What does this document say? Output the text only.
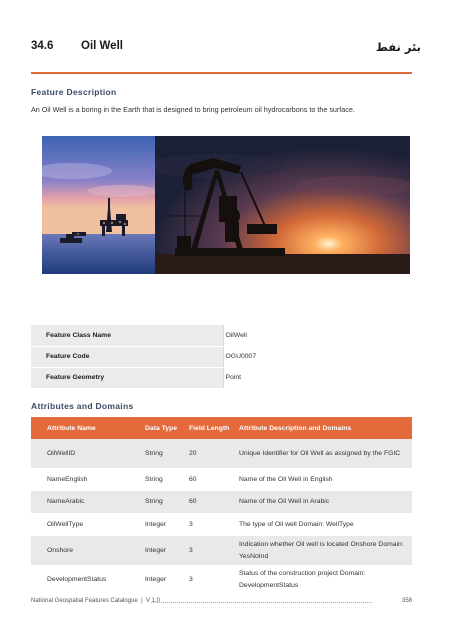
34.6 Oil Well	بئر نفط
Feature Description
An Oil Well is a boring in the Earth that is designed to bring petroleum oil hydrocarbons to the surface.
Feature Class Name	OilWell
Feature Code	OGU0007
Feature Geometry	Point
Attributes and Domains
Attribute Name	Data Type	Field Length	Attribute Description and Domains
OilWellID	String	20	Unique Identifier for Oil Well as assigned by the FGIC
NameEnglish	String	60	Name of the Oil Well in English
NameArabic	String	60	Name of the Oil Well in Arabic
OilWellType	Integer	3	The type of Oil well Domain: WellType
Onshore	Integer	3	Indication whether Oil well is located Onshore Domain: YesNoInd
DevelopmentStatus	Integer	3	Status of the construction project Domain: DevelopmentStatus
National Geospatial Features Catalogue | V 1.0	358
